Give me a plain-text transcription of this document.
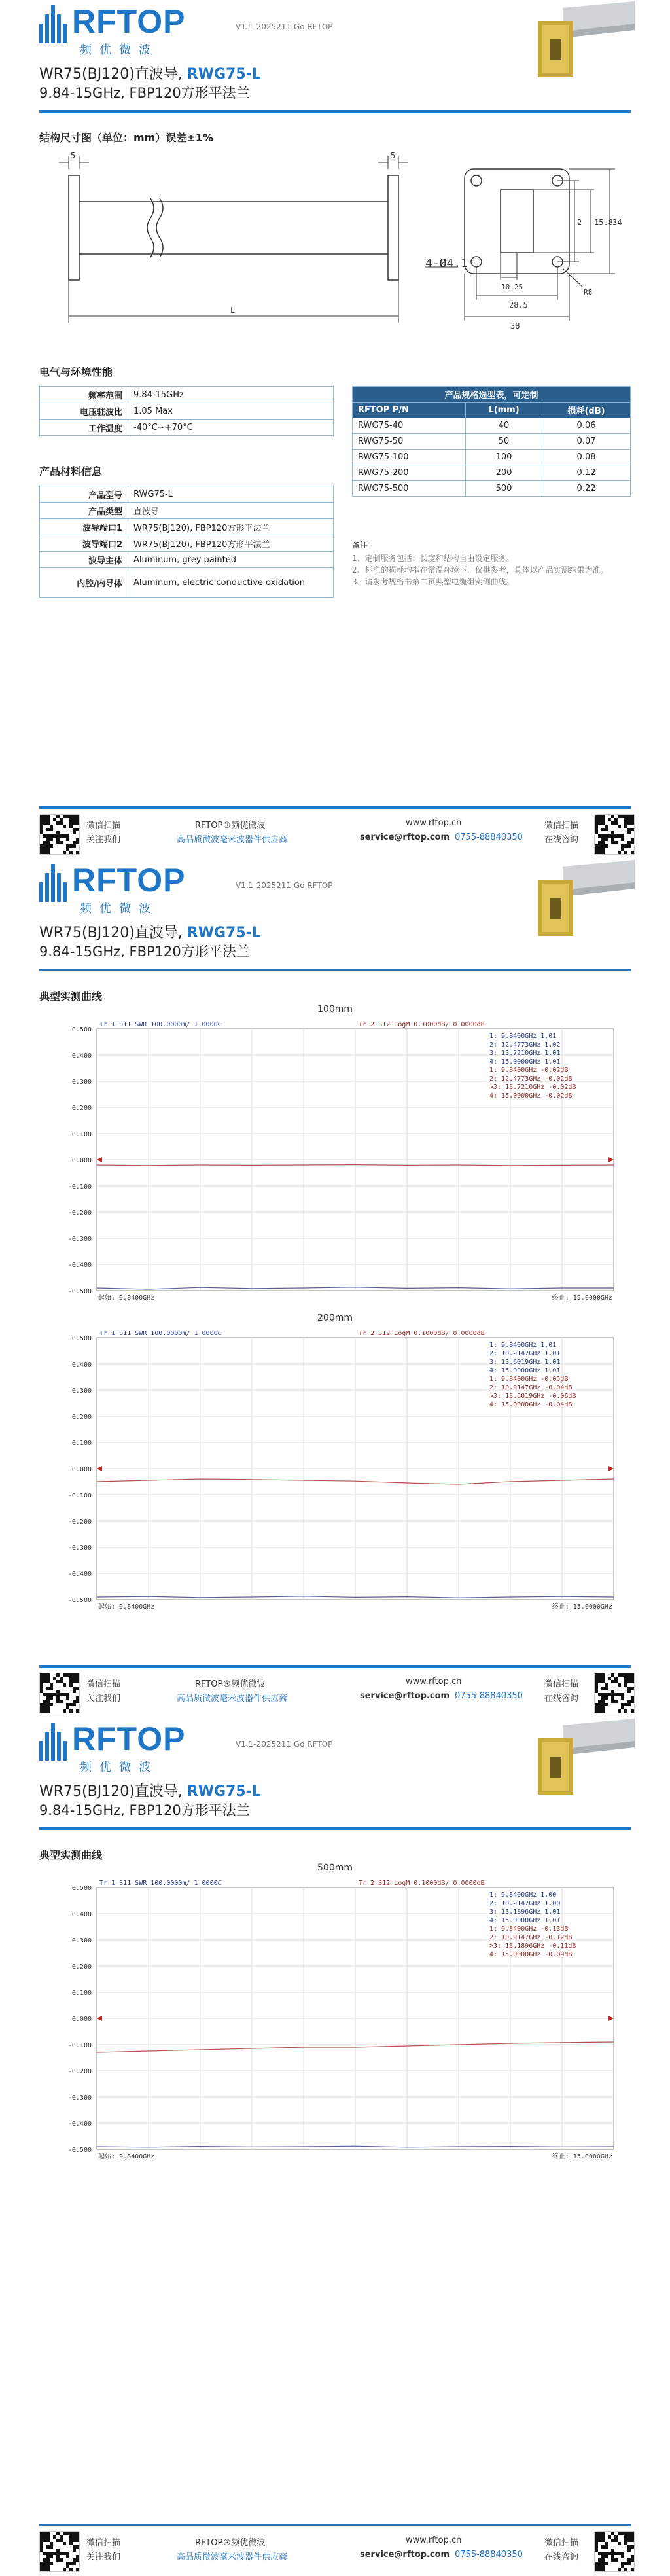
RFTOP
频优微波
V1.1-2025211 Go RFTOP
WR75(BJ120)直波导, RWG75-L
9.84-15GHz, FBP120方形平法兰
结构尺寸图（单位：mm）误差±1%
5	5
L
4-Ø4.1
38
28.5
10.25
15.8 34
2
R8
电气与环境性能
频率范围	9.84-15GHz
电压驻波比	1.05 Max
工作温度	-40°C~+70°C
产品材料信息
产品型号	RWG75-L
产品类型	直波导
波导端口1	WR75(BJ120), FBP120方形平法兰
波导端口2	WR75(BJ120), FBP120方形平法兰
波导主体	Aluminum, grey painted
内腔/内导体	Aluminum, electric conductive oxidation
产品规格选型表，可定制		
RFTOP P/N	L(mm)	损耗(dB)
RWG75-40	40	0.06
RWG75-50	50	0.07
RWG75-100	100	0.08
RWG75-200	200	0.12
RWG75-500	500	0.22
备注
1、定制服务包括：长度和结构自由设定服务。
2、标准的损耗均指在常温环境下，仅供参考，具体以产品实测结果为准。
3、请参考规格书第二页典型电缆组实测曲线。
微信扫描
关注我们
RFTOP®频优微波
高品质微波毫米波器件供应商
www.rftop.cn
service@rftop.com 0755-88840350
微信扫描
在线咨询
RFTOP
频优微波
V1.1-2025211 Go RFTOP
WR75(BJ120)直波导, RWG75-L
9.84-15GHz, FBP120方形平法兰
典型实测曲线
100mm
0.500
0.400
0.300
0.200
0.100
0.000
-0.100
-0.200
-0.300
-0.400
-0.500
Tr 1 S11 SWR 100.0000m/ 1.0000C	Tr 2 S12 LogM 0.1000dB/ 0.0000dB
1: 9.8400GHz 1.01
2: 12.4773GHz 1.02
3: 13.7210GHz 1.01
4: 15.0000GHz 1.01
1: 9.8400GHz -0.02dB
2: 12.4773GHz -0.02dB
>3: 13.7210GHz -0.02dB
4: 15.0000GHz -0.02dB
起始: 9.8400GHz	终止: 15.0000GHz
200mm
0.500
0.400
0.300
0.200
0.100
0.000
-0.100
-0.200
-0.300
-0.400
-0.500
Tr 1 S11 SWR 100.0000m/ 1.0000C	Tr 2 S12 LogM 0.1000dB/ 0.0000dB
1: 9.8400GHz 1.01
2: 10.9147GHz 1.01
3: 13.6019GHz 1.01
4: 15.0000GHz 1.01
1: 9.8400GHz -0.05dB
2: 10.9147GHz -0.04dB
>3: 13.6019GHz -0.06dB
4: 15.0000GHz -0.04dB
起始: 9.8400GHz	终止: 15.0000GHz
微信扫描
关注我们
RFTOP®频优微波
高品质微波毫米波器件供应商
www.rftop.cn
service@rftop.com 0755-88840350
微信扫描
在线咨询
RFTOP
频优微波
V1.1-2025211 Go RFTOP
WR75(BJ120)直波导, RWG75-L
9.84-15GHz, FBP120方形平法兰
典型实测曲线
500mm
0.500
0.400
0.300
0.200
0.100
0.000
-0.100
-0.200
-0.300
-0.400
-0.500
Tr 1 S11 SWR 100.0000m/ 1.0000C	Tr 2 S12 LogM 0.1000dB/ 0.0000dB
1: 9.8400GHz 1.00
2: 10.9147GHz 1.00
3: 13.1896GHz 1.01
4: 15.0000GHz 1.01
1: 9.8400GHz -0.13dB
2: 10.9147GHz -0.12dB
>3: 13.1896GHz -0.11dB
4: 15.0000GHz -0.09dB
起始: 9.8400GHz	终止: 15.0000GHz
微信扫描
关注我们
RFTOP®频优微波
高品质微波毫米波器件供应商
www.rftop.cn
service@rftop.com 0755-88840350
微信扫描
在线咨询
